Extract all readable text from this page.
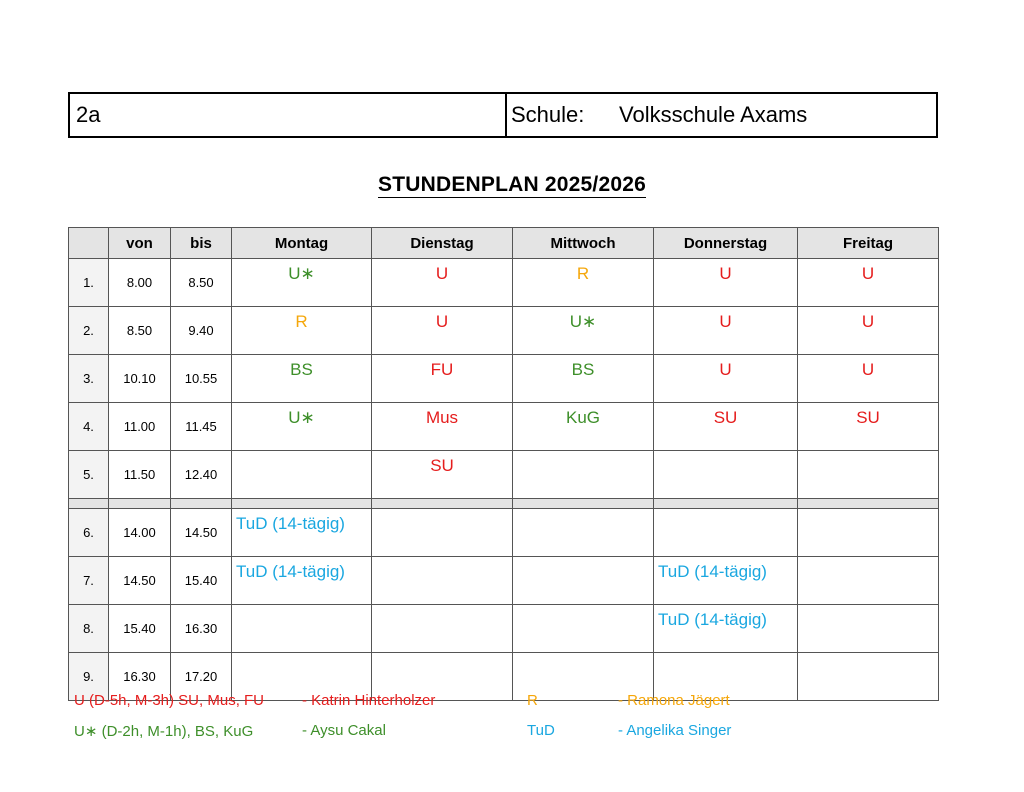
2a	Schule: Volksschule Axams
STUNDENPLAN 2025/2026
	von	bis	Montag	Dienstag	Mittwoch	Donnerstag	Freitag
1.	8.00	8.50	U∗	U	R	U	U
2.	8.50	9.40	R	U	U∗	U	U
3.	10.10	10.55	BS	FU	BS	U	U
4.	11.00	11.45	U∗	Mus	KuG	SU	SU
5.	11.50	12.40		SU			

6.	14.00	14.50	TuD (14-tägig)				
7.	14.50	15.40	TuD (14-tägig)			TuD (14-tägig)	
8.	15.40	16.30				TuD (14-tägig)	
9.	16.30	17.20					
U (D-5h, M-3h) SU, Mus, FU	- Katrin Hinterholzer
U∗ (D-2h, M-1h), BS, KuG	- Aysu Cakal
R	- Ramona Jägert
TuD	- Angelika Singer
